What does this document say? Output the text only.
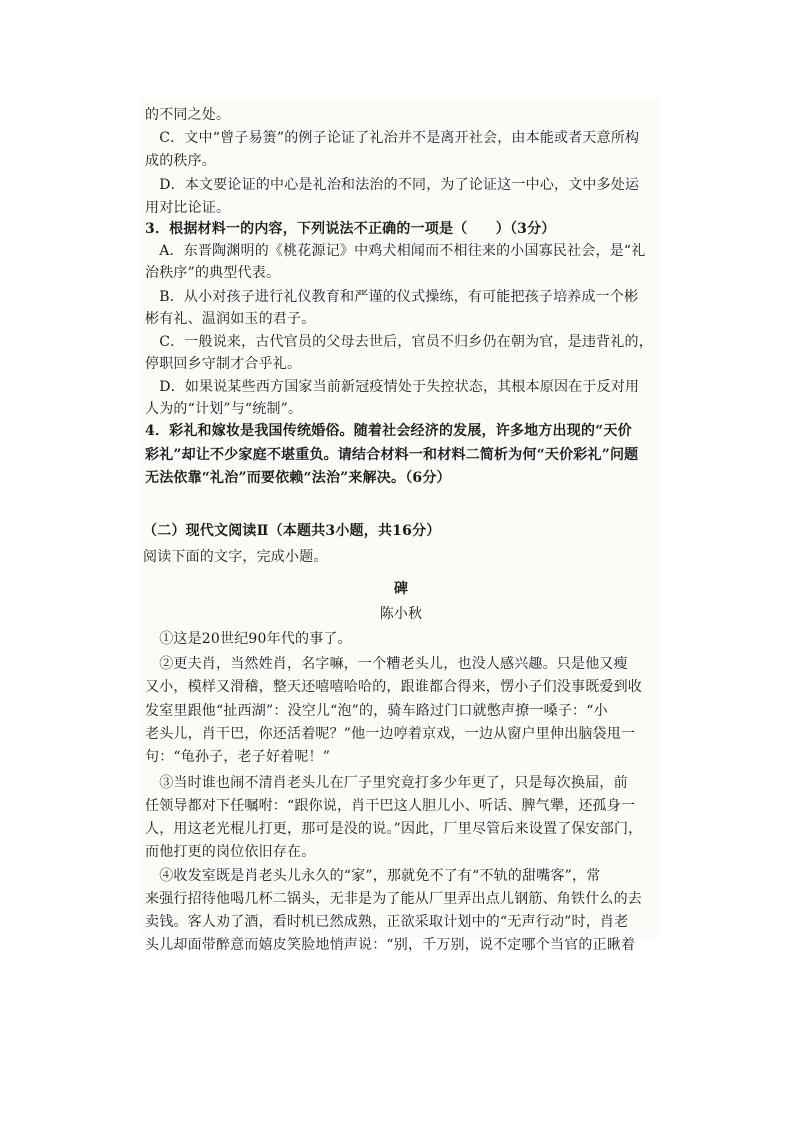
的不同之处。
　C．文中“曾子易箦”的例子论证了礼治并不是离开社会，由本能或者天意所构
成的秩序。
　D．本文要论证的中心是礼治和法治的不同，为了论证这一中心，文中多处运
用对比论证。
3．根据材料一的内容，下列说法不正确的一项是（　　）（3分）
　A．东晋陶渊明的《桃花源记》中鸡犬相闻而不相往来的小国寡民社会，是“礼
治秩序”的典型代表。
　B．从小对孩子进行礼仪教育和严谨的仪式操练，有可能把孩子培养成一个彬
彬有礼、温润如玉的君子。
　C．一般说来，古代官员的父母去世后，官员不归乡仍在朝为官，是违背礼的，
停职回乡守制才合乎礼。
　D．如果说某些西方国家当前新冠疫情处于失控状态，其根本原因在于反对用
人为的“计划”与“统制”。
4．彩礼和嫁妆是我国传统婚俗。随着社会经济的发展，许多地方出现的“天价
彩礼”却让不少家庭不堪重负。请结合材料一和材料二简析为何“天价彩礼”问题
无法依靠“礼治”而要依赖“法治”来解决。（6分）
（二）现代文阅读Ⅱ（本题共3小题，共16分）
阅读下面的文字，完成小题。
碑
陈小秋
　①这是20世纪90年代的事了。
　②更夫肖，当然姓肖，名字嘛，一个糟老头儿，也没人感兴趣。只是他又瘦
又小，模样又滑稽，整天还嘻嘻哈哈的，跟谁都合得来，愣小子们没事既爱到收
发室里跟他“扯西湖”：没空儿“泡”的，骑车路过门口就憋声撩一嗓子：“小
老头儿，肖干巴，你还活着呢？”他一边哼着京戏，一边从窗户里伸出脑袋甩一
句：“龟孙子，老子好着呢！”
　③当时谁也闹不清肖老头儿在厂子里究竟打多少年更了，只是每次换届，前
任领导都对下任嘱咐：“跟你说，肖干巴这人胆儿小、听话、脾气犟，还孤身一
人，用这老光棍儿打更，那可是没的说。”因此，厂里尽管后来设置了保安部门，
而他打更的岗位依旧存在。
　④收发室既是肖老头儿永久的“家”，那就免不了有“不轨的甜嘴客”，常
来强行招待他喝几杯二锅头，无非是为了能从厂里弄出点儿钢筋、角铁什么的去
卖钱。客人劝了酒，看时机已然成熟，正欲采取计划中的“无声行动”时，肖老
头儿却面带醉意而嬉皮笑脸地悄声说：“别，千万别，说不定哪个当官的正瞅着
